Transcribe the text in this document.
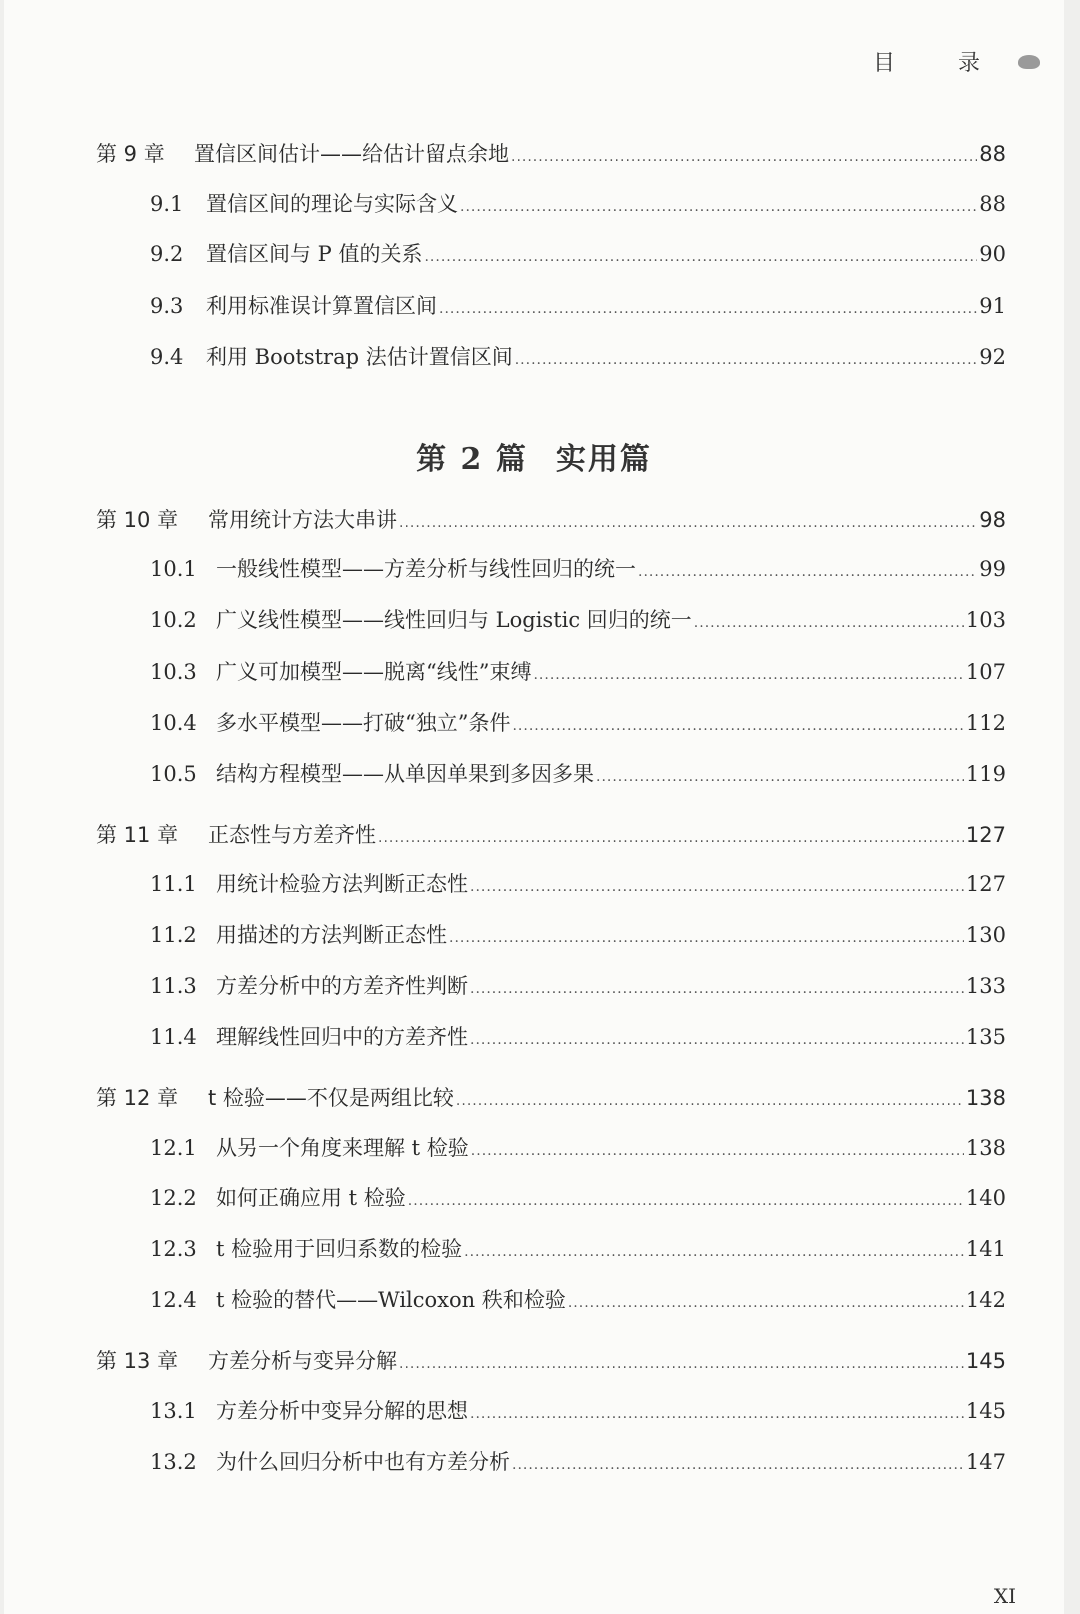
目 录
第 9 章	置信区间估计——给估计留点余地 .....	88
9.1	置信区间的理论与实际含义 .....	88
9.2	置信区间与 P 值的关系 .....	90
9.3	利用标准误计算置信区间 .....	91
9.4	利用 Bootstrap 法估计置信区间 .....	92
第 10 章	常用统计方法大串讲 .....	98
10.1 一般线性模型——方差分析与线性回归的统一 .....	99
10.2 广义线性模型——线性回归与 Logistic 回归的统一 .....	103
10.3 广义可加模型——脱离“线性”束缚 .....	107
10.4 多水平模型——打破“独立”条件 .....	112
10.5 结构方程模型——从单因单果到多因多果 .....	119
第 11 章	正态性与方差齐性 .....	127
11.1 用统计检验方法判断正态性 .....	127
11.2 用描述的方法判断正态性 .....	130
11.3 方差分析中的方差齐性判断 .....	133
11.4 理解线性回归中的方差齐性 .....	135
第 12 章	t 检验——不仅是两组比较 .....	138
12.1 从另一个角度来理解 t 检验 .....	138
12.2 如何正确应用 t 检验 .....	140
12.3 t 检验用于回归系数的检验 .....	141
12.4 t 检验的替代——Wilcoxon 秩和检验 .....	142
第 13 章	方差分析与变异分解 .....	145
13.1 方差分析中变异分解的思想 .....	145
13.2 为什么回归分析中也有方差分析 .....	147
第 2 篇 实用篇
XI
